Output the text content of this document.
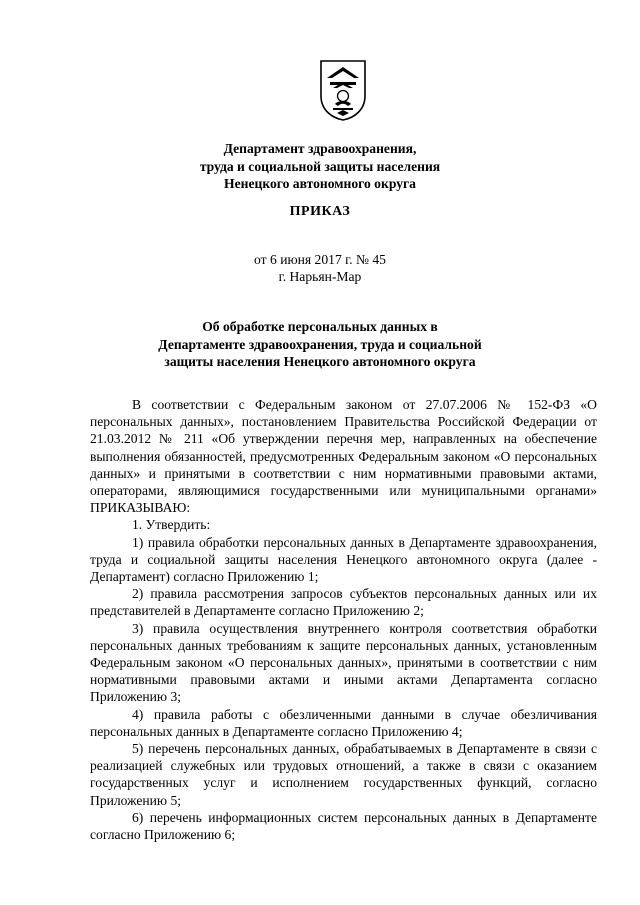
Департамент здравоохранения,
труда и социальной защиты населения
Ненецкого автономного округа
ПРИКАЗ
от 6 июня 2017 г. № 45
г. Нарьян-Мар
Об обработке персональных данных в
Департаменте здравоохранения, труда и социальной
защиты населения Ненецкого автономного округа

В соответствии с Федеральным законом от 27.07.2006 № 152-ФЗ «О персональных данных», постановлением Правительства Российской Федерации от 21.03.2012 № 211 «Об утверждении перечня мер, направленных на обеспечение выполнения обязанностей, предусмотренных Федеральным законом «О персональных данных» и принятыми в соответствии с ним нормативными правовыми актами, операторами, являющимися государственными или муниципальными органами» ПРИКАЗЫВАЮ:

1. Утвердить:

1) правила обработки персональных данных в Департаменте здравоохранения, труда и социальной защиты населения Ненецкого автономного округа (далее - Департамент) согласно Приложению 1;

2) правила рассмотрения запросов субъектов персональных данных или их представителей в Департаменте согласно Приложению 2;

3) правила осуществления внутреннего контроля соответствия обработки персональных данных требованиям к защите персональных данных, установленным Федеральным законом «О персональных данных», принятыми в соответствии с ним нормативными правовыми актами и иными актами Департамента согласно Приложению 3;

4) правила работы с обезличенными данными в случае обезличивания персональных данных в Департаменте согласно Приложению 4;

5) перечень персональных данных, обрабатываемых в Департаменте в связи с реализацией служебных или трудовых отношений, а также в связи с оказанием государственных услуг и исполнением государственных функций, согласно Приложению 5;

6) перечень информационных систем персональных данных в Департаменте согласно Приложению 6;
